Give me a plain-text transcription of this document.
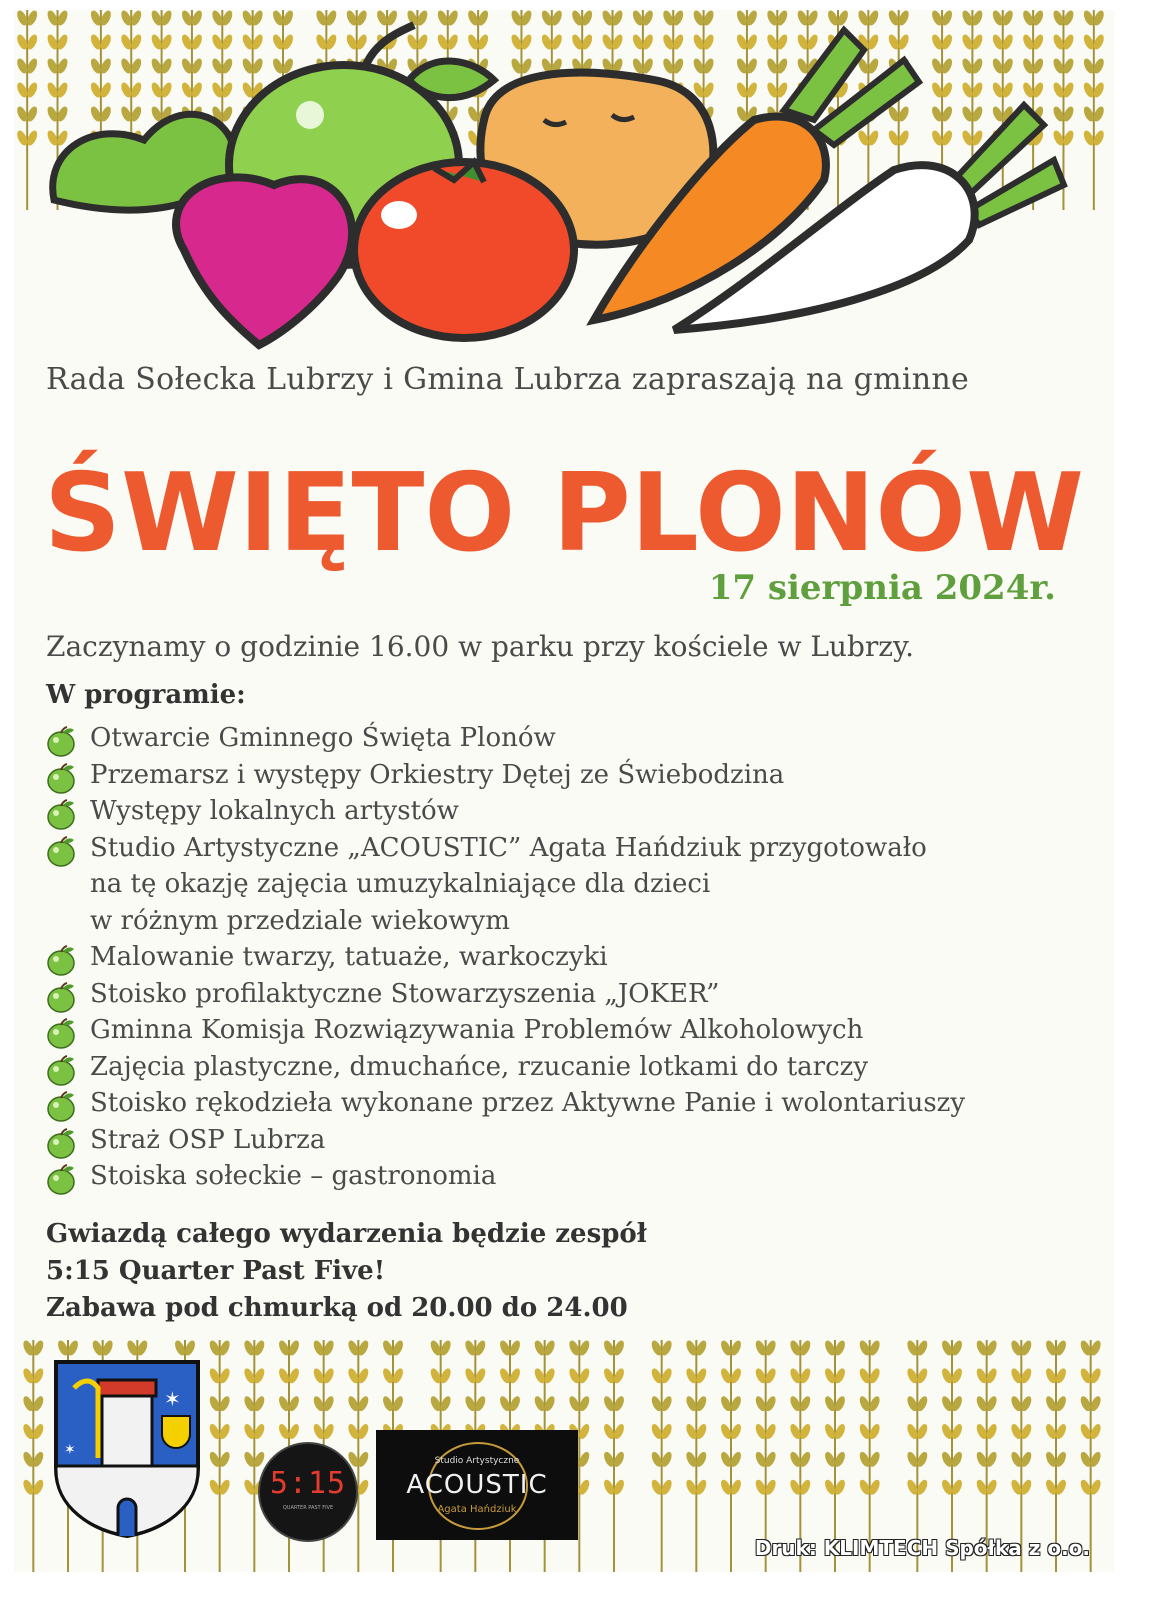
Rada Sołecka Lubrzy i Gmina Lubrza zapraszają na gminne
ŚWIĘTO PLONÓW
17 sierpnia 2024r.
Zaczynamy o godzinie 16.00 w parku przy kościele w Lubrzy.
W programie:
Otwarcie Gminnego Święta Plonów
Przemarsz i występy Orkiestry Dętej ze Świebodzina
Występy lokalnych artystów
Studio Artystyczne „ACOUSTIC” Agata Hańdziuk przygotowało
na tę okazję zajęcia umuzykalniające dla dzieci
w różnym przedziale wiekowym
Malowanie twarzy, tatuaże, warkoczyki
Stoisko profilaktyczne Stowarzyszenia „JOKER”
Gminna Komisja Rozwiązywania Problemów Alkoholowych
Zajęcia plastyczne, dmuchańce, rzucanie lotkami do tarczy
Stoisko rękodzieła wykonane przez Aktywne Panie i wolontariuszy
Straż OSP Lubrza
Stoiska sołeckie – gastronomia
Gwiazdą całego wydarzenia będzie zespół
5:15 Quarter Past Five!
Zabawa pod chmurką od 20.00 do 24.00
✶
✶
5:15
QUARTER PAST FIVE
Studio Artystyczne
ACOUSTIC
Agata Hańdziuk
Druk: KLIMTECH Spółka z o.o.
